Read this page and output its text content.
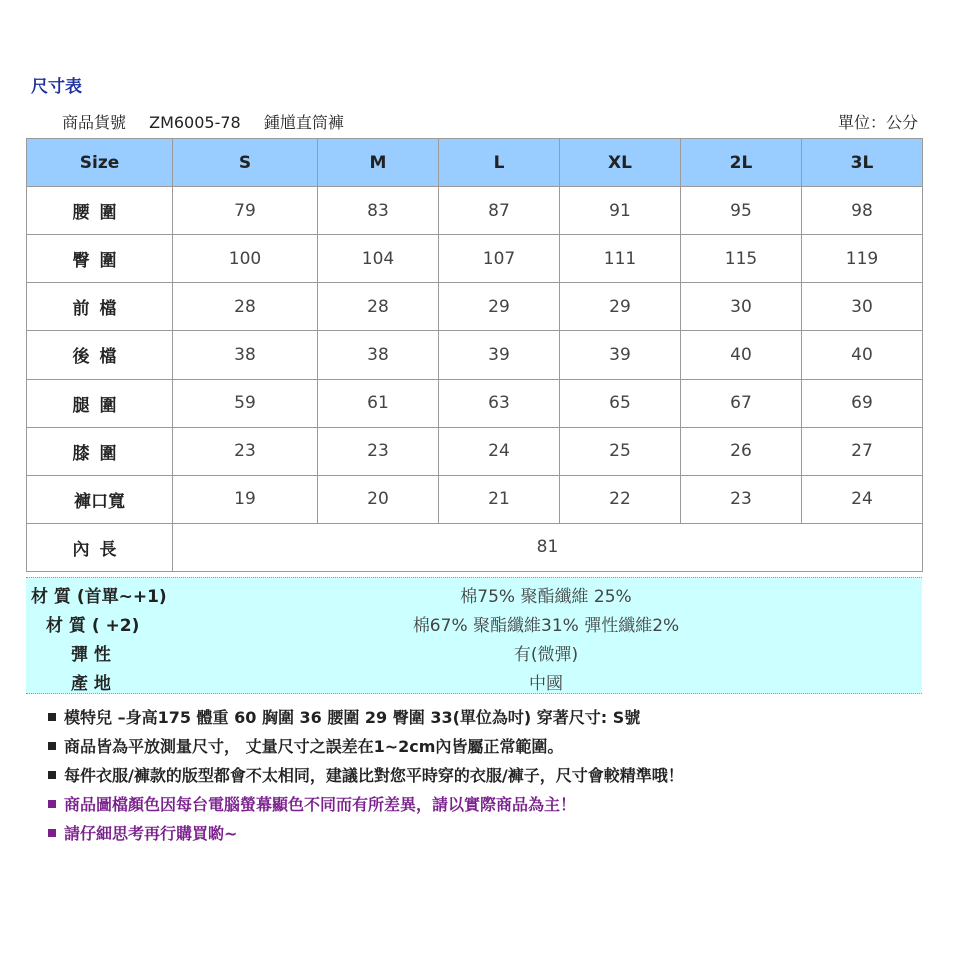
尺寸表
商品貨號 ZM6005-78 鍾馗直筒褲	單位：公分
Size	S	M	L	XL	2L	3L
腰圍	79	83	87	91	95	98
臀圍	100	104	107	111	115	119
前檔	28	28	29	29	30	30
後檔	38	38	39	39	40	40
腿圍	59	61	63	65	67	69
膝圍	23	23	24	25	26	27
褲口寬	19	20	21	22	23	24
內長	81					
材 質 (首單~+1)	棉75% 聚酯纖維 25%
材 質 ( +2)	棉67% 聚酯纖維31% 彈性纖維2%
彈 性	有(微彈)
產 地	中國
模特兒 –身高175 體重 60 胸圍 36 腰圍 29 臀圍 33(單位為吋) 穿著尺寸: S號
商品皆為平放測量尺寸， 丈量尺寸之誤差在1~2cm內皆屬正常範圍。
每件衣服/褲款的版型都會不太相同，建議比對您平時穿的衣服/褲子，尺寸會較精準哦！
商品圖檔顏色因每台電腦螢幕顯色不同而有所差異，請以實際商品為主！
請仔細思考再行購買喲~
